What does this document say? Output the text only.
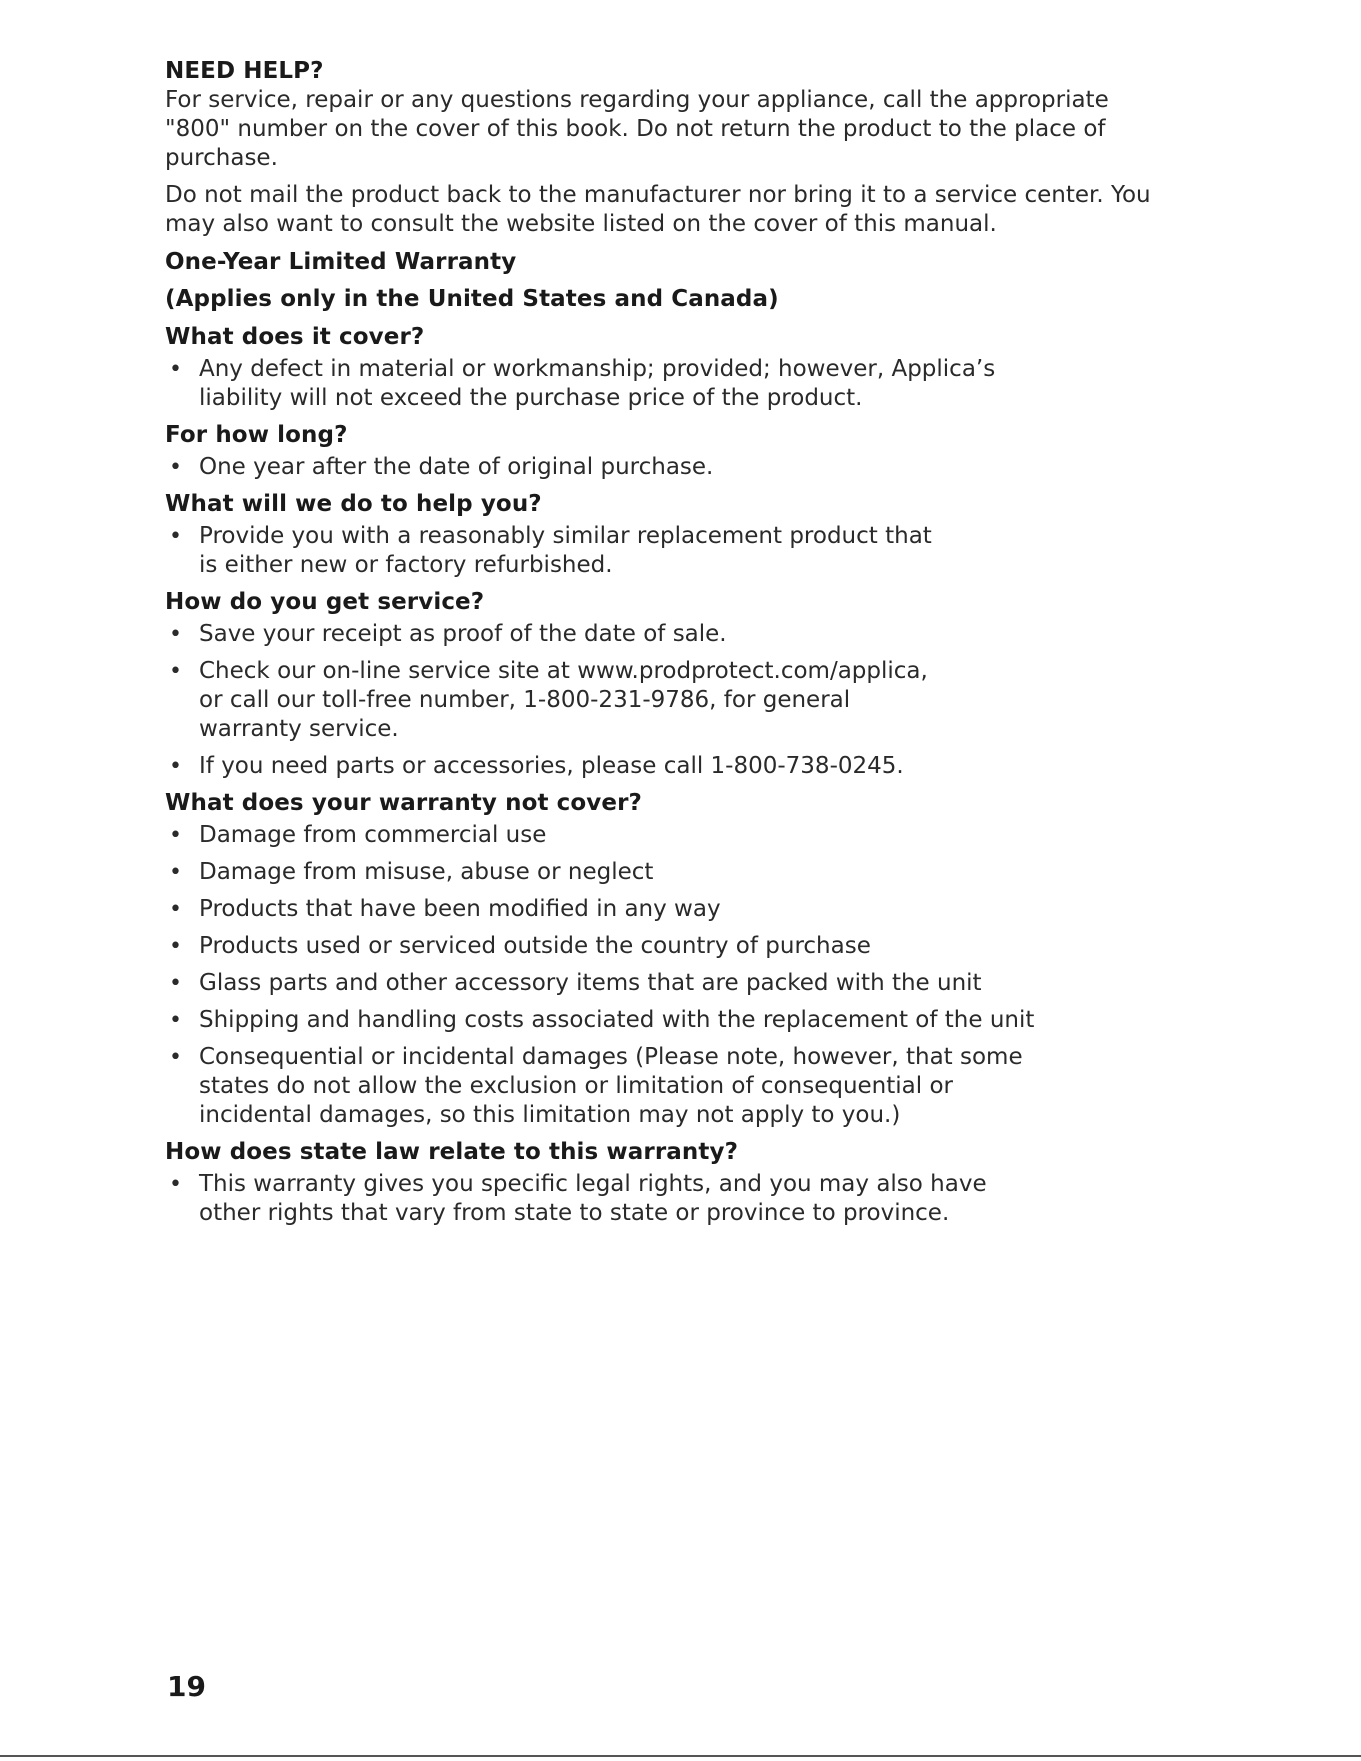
NEED HELP?

For service, repair or any questions regarding your appliance, call the appropriate "800" number on the cover of this book. Do not return the product to the place of purchase.

Do not mail the product back to the manufacturer nor bring it to a service center. You may also want to consult the website listed on the cover of this manual.

One-Year Limited Warranty
(Applies only in the United States and Canada)
What does it cover?
• Any defect in material or workmanship; provided; however, Applica’s liability will not exceed the purchase price of the product.
For how long?
• One year after the date of original purchase.
What will we do to help you?
• Provide you with a reasonably similar replacement product that is either new or factory refurbished.
How do you get service?
• Save your receipt as proof of the date of sale.
• Check our on-line service site at www.prodprotect.com/applica, or call our toll-free number, 1-800-231-9786, for general warranty service.
• If you need parts or accessories, please call 1-800-738-0245.
What does your warranty not cover?
• Damage from commercial use
• Damage from misuse, abuse or neglect
• Products that have been modified in any way
• Products used or serviced outside the country of purchase
• Glass parts and other accessory items that are packed with the unit
• Shipping and handling costs associated with the replacement of the unit
• Consequential or incidental damages (Please note, however, that some states do not allow the exclusion or limitation of consequential or incidental damages, so this limitation may not apply to you.)
How does state law relate to this warranty?
• This warranty gives you specific legal rights, and you may also have other rights that vary from state to state or province to province.
19
